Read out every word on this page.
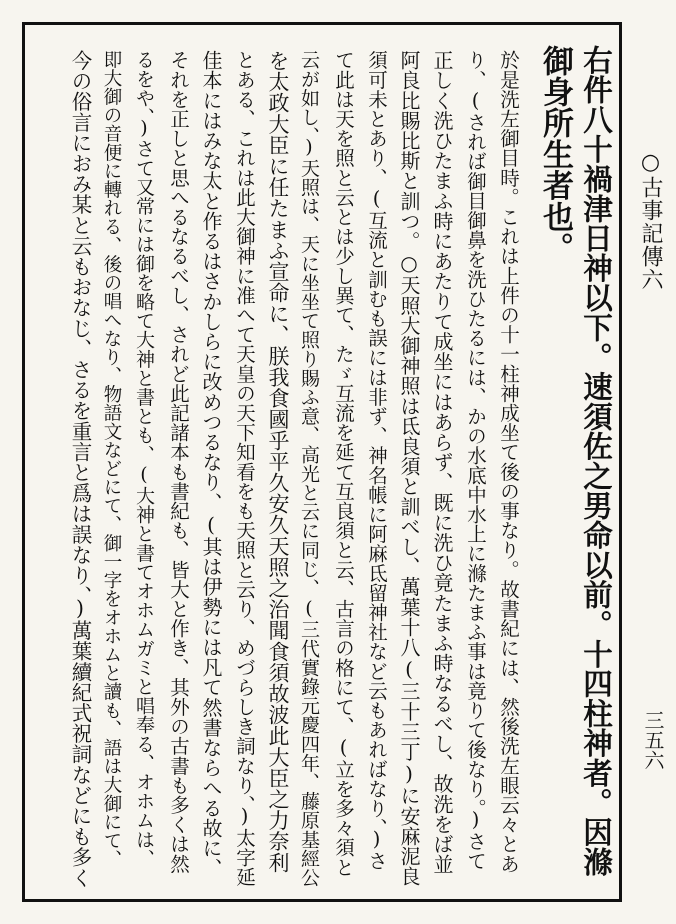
○古事記傳六
三五六
右件八十禍津日神以下。速須佐之男命以前。十四柱神者。因滌
御身所生者也。
於是洗左御目時。これは上件の十一柱神成坐て後の事なり。故書紀には、然後洗左眼云々とあ
り、(されば御目御鼻を洗ひたるには、かの水底中水上に滌たまふ事は竟りて後なり。)さて
正しく洗ひたまふ時にあたりて成坐にはあらず、既に洗ひ竟たまふ時なるべし、故洗をば並
阿良比賜比斯と訓つ。○天照大御神照は氐良須と訓べし、萬葉十八(三十三丁)に安麻泥良
須可未とあり、(互流と訓むも誤には非ず、神名帳に阿麻氐留神社など云もあればなり、)さ
て此は天を照と云とは少し異て、たゞ互流を延て互良須と云、古言の格にて、(立を多々須と
云が如し、)天照は、天に坐坐て照り賜ふ意、高光と云に同じ、(三代實錄元慶四年、藤原基經公
を太政大臣に任たまふ宣命に、朕我食國乎平久安久天照之治聞食須故波此大臣之力奈利
とある、これは此大御神に准へて天皇の天下知看をも天照と云り、めづらしき詞なり、)太字延
佳本にはみな太と作るはさかしらに改めつるなり、(其は伊勢には凡て然書ならへる故に、
それを正しと思へるなるべし、されど此記諸本も書紀も、皆大と作き、其外の古書も多くは然
るをや、)さて又常には御を略て大神と書とも、(大神と書てオホムガミと唱奉る、オホムは、
即大御の音便に轉れる、後の唱へなり、物語文などにて、御一字をオホムと讀も、語は大御にて、
今の俗言におみ某と云もおなじ、さるを重言と爲は誤なり、)萬葉續紀式祝詞などにも多く
